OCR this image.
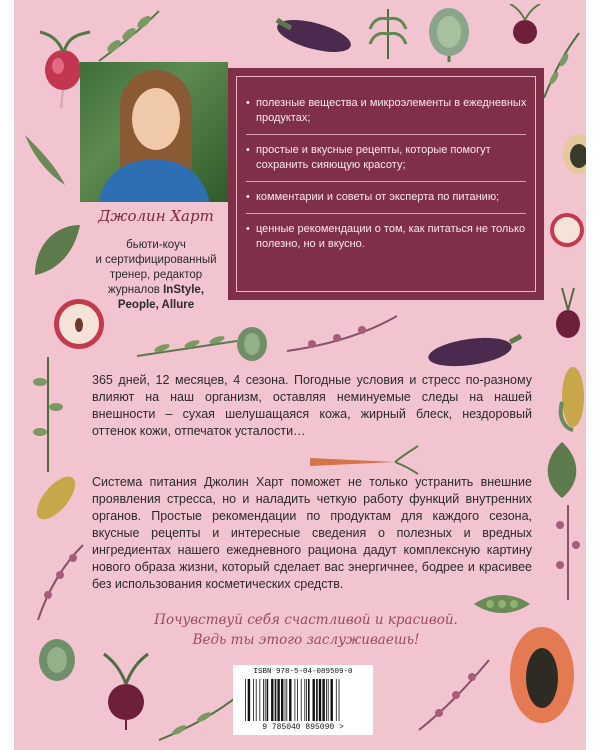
Джолин Харт
бьюти-коуч
и сертифицированный
тренер, редактор
журналов InStyle,
People, Allure
• полезные вещества и микроэлементы в ежедневных продуктах;
• простые и вкусные рецепты, которые помогут сохранить сияющую красоту;
• комментарии и советы от эксперта по питанию;
• ценные рекомендации о том, как питаться не только полезно, но и вкусно.
365 дней, 12 месяцев, 4 сезона. Погодные условия и стресс по-разному влияют на наш организм, оставляя неминуемые следы на нашей внешности – сухая шелушащаяся кожа, жирный блеск, нездоровый оттенок кожи, отпечаток усталости…
Система питания Джолин Харт поможет не только устранить внешние проявления стресса, но и наладить четкую работу функций внутренних органов. Простые рекомендации по продуктам для каждого сезона, вкусные рецепты и интересные сведения о полезных и вредных ингредиентах нашего ежедневного рациона дадут комплексную картину нового образа жизни, который сделает вас энергичнее, бодрее и красивее без использования косметических средств.
Почувствуй себя счастливой и красивой.
Ведь ты этого заслуживаешь!
ISBN 978-5-04-089509-0
9 785040 895090 >
